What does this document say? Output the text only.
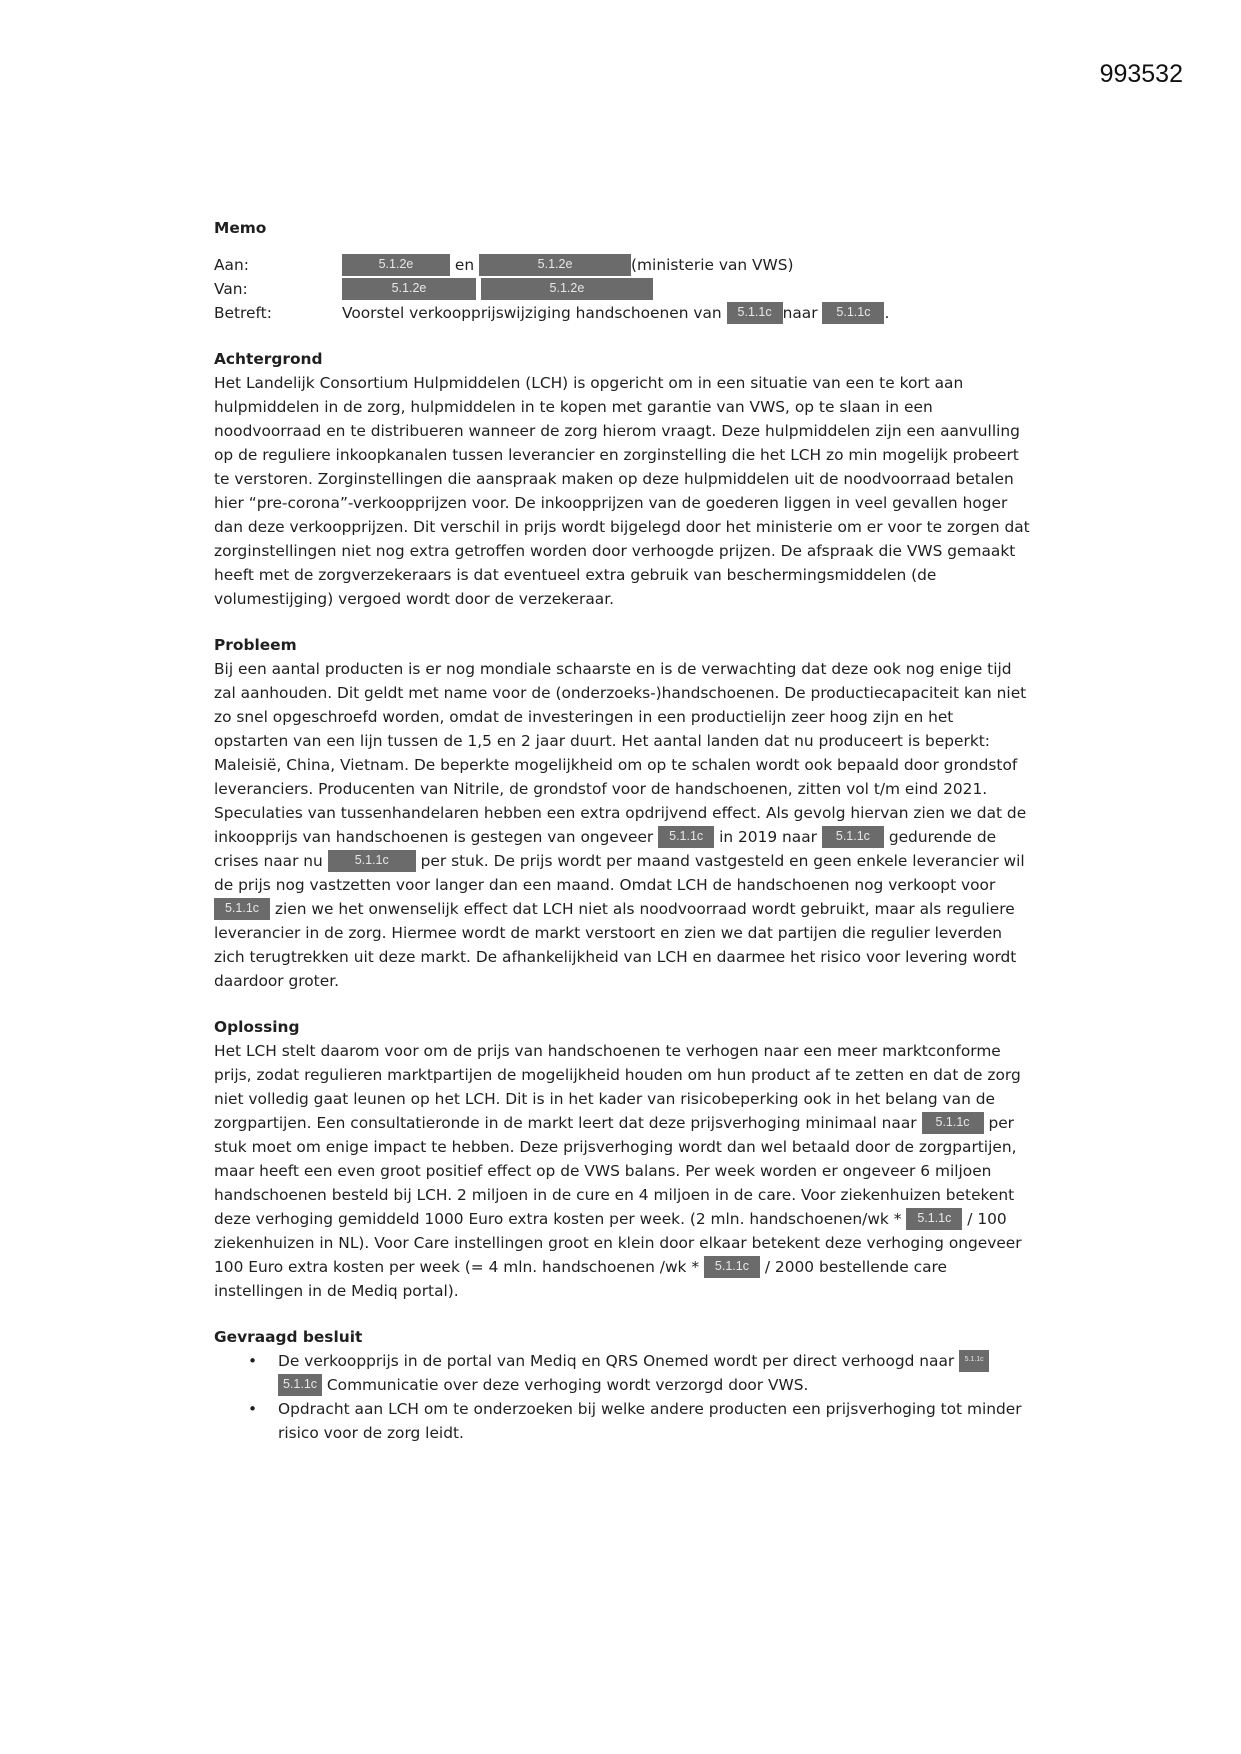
993532
Memo
Aan:	5.1.2e	en	5.1.2e	(ministerie van VWS)
Van:	5.1.2e	5.1.2e
Betreft:	Voorstel verkoopprijswijziging handschoenen van 5.1.1c naar 5.1.1c .
Achtergrond

Het Landelijk Consortium Hulpmiddelen (LCH) is opgericht om in een situatie van een te kort aan hulpmiddelen in de zorg, hulpmiddelen in te kopen met garantie van VWS, op te slaan in een noodvoorraad en te distribueren wanneer de zorg hierom vraagt. Deze hulpmiddelen zijn een aanvulling op de reguliere inkoopkanalen tussen leverancier en zorginstelling die het LCH zo min mogelijk probeert te verstoren. Zorginstellingen die aanspraak maken op deze hulpmiddelen uit de noodvoorraad betalen hier “pre-corona”-verkoopprijzen voor. De inkoopprijzen van de goederen liggen in veel gevallen hoger dan deze verkoopprijzen. Dit verschil in prijs wordt bijgelegd door het ministerie om er voor te zorgen dat zorginstellingen niet nog extra getroffen worden door verhoogde prijzen. De afspraak die VWS gemaakt heeft met de zorgverzekeraars is dat eventueel extra gebruik van beschermingsmiddelen (de volumestijging) vergoed wordt door de verzekeraar.

Probleem

Bij een aantal producten is er nog mondiale schaarste en is de verwachting dat deze ook nog enige tijd zal aanhouden. Dit geldt met name voor de (onderzoeks-)handschoenen. De productiecapaciteit kan niet zo snel opgeschroefd worden, omdat de investeringen in een productielijn zeer hoog zijn en het opstarten van een lijn tussen de 1,5 en 2 jaar duurt. Het aantal landen dat nu produceert is beperkt: Maleisië, China, Vietnam. De beperkte mogelijkheid om op te schalen wordt ook bepaald door grondstof leveranciers. Producenten van Nitrile, de grondstof voor de handschoenen, zitten vol t/m eind 2021. Speculaties van tussenhandelaren hebben een extra opdrijvend effect. Als gevolg hiervan zien we dat de inkoopprijs van handschoenen is gestegen van ongeveer 5.1.1c in 2019 naar 5.1.1c gedurende de crises naar nu	5.1.1c per stuk. De prijs wordt per maand vastgesteld en geen enkele leverancier wil de prijs nog vastzetten voor langer dan een maand. Omdat LCH de handschoenen nog verkoopt voor 5.1.1c zien we het onwenselijk effect dat LCH niet als noodvoorraad wordt gebruikt, maar als reguliere leverancier in de zorg. Hiermee wordt de markt verstoort en zien we dat partijen die regulier leverden zich terugtrekken uit deze markt. De afhankelijkheid van LCH en daarmee het risico voor levering wordt daardoor groter.

Oplossing

Het LCH stelt daarom voor om de prijs van handschoenen te verhogen naar een meer marktconforme prijs, zodat regulieren marktpartijen de mogelijkheid houden om hun product af te zetten en dat de zorg niet volledig gaat leunen op het LCH. Dit is in het kader van risicobeperking ook in het belang van de zorgpartijen. Een consultatieronde in de markt leert dat deze prijsverhoging minimaal naar 5.1.1c per stuk moet om enige impact te hebben. Deze prijsverhoging wordt dan wel betaald door de zorgpartijen, maar heeft een even groot positief effect op de VWS balans. Per week worden er ongeveer 6 miljoen handschoenen besteld bij LCH. 2 miljoen in de cure en 4 miljoen in de care. Voor ziekenhuizen betekent deze verhoging gemiddeld 1000 Euro extra kosten per week. (2 mln. handschoenen/wk * 5.1.1c / 100 ziekenhuizen in NL). Voor Care instellingen groot en klein door elkaar betekent deze verhoging ongeveer 100 Euro extra kosten per week (= 4 mln. handschoenen /wk * 5.1.1c / 2000 bestellende care instellingen in de Mediq portal).

Gevraagd besluit
• De verkoopprijs in de portal van Mediq en QRS Onemed wordt per direct verhoogd naar 5.1.1c 5.1.1c Communicatie over deze verhoging wordt verzorgd door VWS.
• Opdracht aan LCH om te onderzoeken bij welke andere producten een prijsverhoging tot minder risico voor de zorg leidt.
